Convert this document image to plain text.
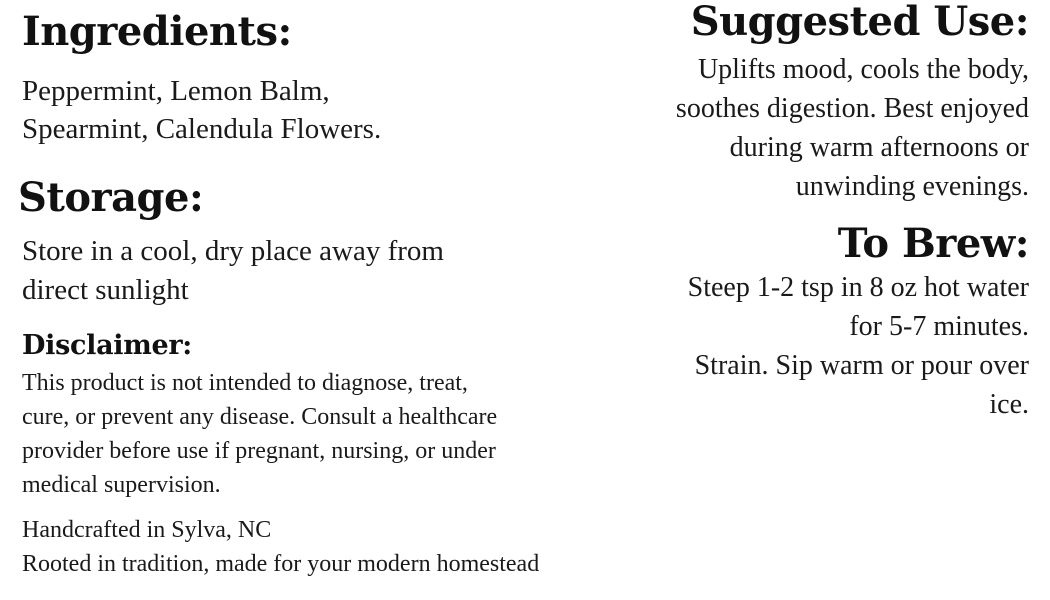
Ingredients:
Peppermint, Lemon Balm,
Spearmint, Calendula Flowers.
Storage:
Store in a cool, dry place away from
direct sunlight
Disclaimer:
This product is not intended to diagnose, treat,
cure, or prevent any disease. Consult a healthcare
provider before use if pregnant, nursing, or under
medical supervision.
Handcrafted in Sylva, NC
Rooted in tradition, made for your modern homestead
Suggested Use:
Uplifts mood, cools the body,
soothes digestion. Best enjoyed
during warm afternoons or
unwinding evenings.
To Brew:
Steep 1-2 tsp in 8 oz hot water
for 5-7 minutes.
Strain. Sip warm or pour over
ice.
